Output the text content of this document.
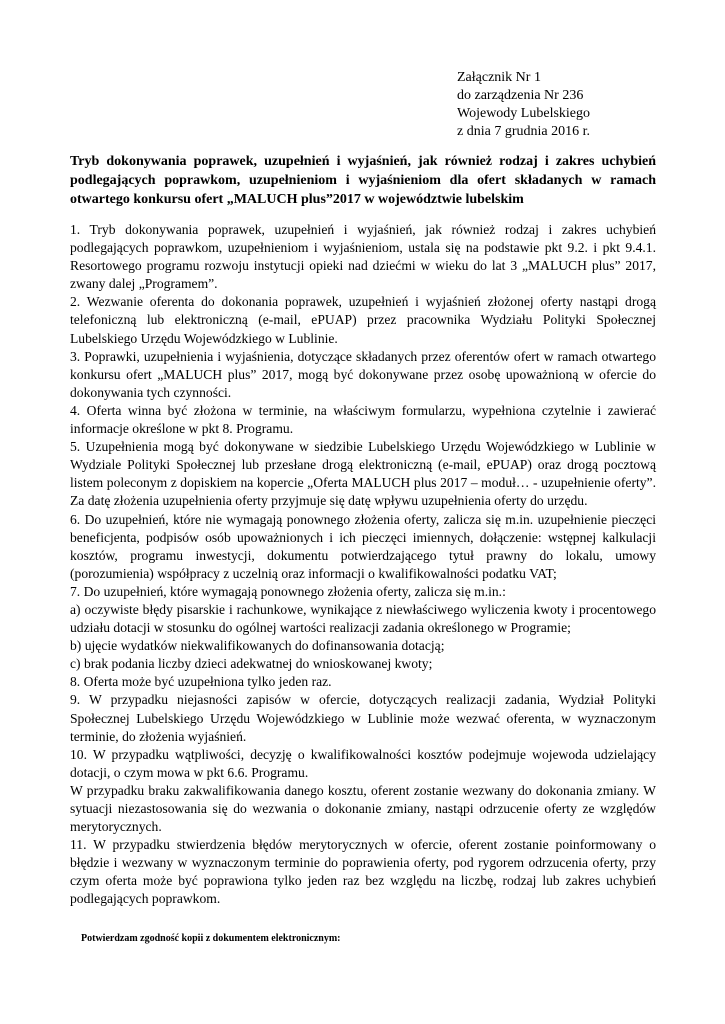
Załącznik Nr 1
do zarządzenia Nr 236
Wojewody Lubelskiego
z dnia 7 grudnia 2016 r.
Tryb dokonywania poprawek, uzupełnień i wyjaśnień, jak również rodzaj i zakres uchybień podlegających poprawkom, uzupełnieniom i wyjaśnieniom dla ofert składanych w ramach otwartego konkursu ofert „MALUCH plus”2017 w województwie lubelskim

1. Tryb dokonywania poprawek, uzupełnień i wyjaśnień, jak również rodzaj i zakres uchybień podlegających poprawkom, uzupełnieniom i wyjaśnieniom, ustala się na podstawie pkt 9.2. i pkt 9.4.1. Resortowego programu rozwoju instytucji opieki nad dziećmi w wieku do lat 3 „MALUCH plus” 2017, zwany dalej „Programem”.

2. Wezwanie oferenta do dokonania poprawek, uzupełnień i wyjaśnień złożonej oferty nastąpi drogą telefoniczną lub elektroniczną (e-mail, ePUAP) przez pracownika Wydziału Polityki Społecznej Lubelskiego Urzędu Wojewódzkiego w Lublinie.

3. Poprawki, uzupełnienia i wyjaśnienia, dotyczące składanych przez oferentów ofert w ramach otwartego konkursu ofert „MALUCH plus” 2017, mogą być dokonywane przez osobę upoważnioną w ofercie do dokonywania tych czynności.

4. Oferta winna być złożona w terminie, na właściwym formularzu, wypełniona czytelnie i zawierać informacje określone w pkt 8. Programu.

5. Uzupełnienia mogą być dokonywane w siedzibie Lubelskiego Urzędu Wojewódzkiego w Lublinie w Wydziale Polityki Społecznej lub przesłane drogą elektroniczną (e-mail, ePUAP) oraz drogą pocztową listem poleconym z dopiskiem na kopercie „Oferta MALUCH plus 2017 – moduł… - uzupełnienie oferty”. Za datę złożenia uzupełnienia oferty przyjmuje się datę wpływu uzupełnienia oferty do urzędu.

6. Do uzupełnień, które nie wymagają ponownego złożenia oferty, zalicza się m.in. uzupełnienie pieczęci beneficjenta, podpisów osób upoważnionych i ich pieczęci imiennych, dołączenie: wstępnej kalkulacji kosztów, programu inwestycji, dokumentu potwierdzającego tytuł prawny do lokalu, umowy (porozumienia) współpracy z uczelnią oraz informacji o kwalifikowalności podatku VAT;

7. Do uzupełnień, które wymagają ponownego złożenia oferty, zalicza się m.in.:

a) oczywiste błędy pisarskie i rachunkowe, wynikające z niewłaściwego wyliczenia kwoty i procentowego udziału dotacji w stosunku do ogólnej wartości realizacji zadania określonego w Programie;

b) ujęcie wydatków niekwalifikowanych do dofinansowania dotacją;

c) brak podania liczby dzieci adekwatnej do wnioskowanej kwoty;

8. Oferta może być uzupełniona tylko jeden raz.

9. W przypadku niejasności zapisów w ofercie, dotyczących realizacji zadania, Wydział Polityki Społecznej Lubelskiego Urzędu Wojewódzkiego w Lublinie może wezwać oferenta, w wyznaczonym terminie, do złożenia wyjaśnień.

10. W przypadku wątpliwości, decyzję o kwalifikowalności kosztów podejmuje wojewoda udzielający dotacji, o czym mowa w pkt 6.6. Programu.

W przypadku braku zakwalifikowania danego kosztu, oferent zostanie wezwany do dokonania zmiany. W sytuacji niezastosowania się do wezwania o dokonanie zmiany, nastąpi odrzucenie oferty ze względów merytorycznych.

11. W przypadku stwierdzenia błędów merytorycznych w ofercie, oferent zostanie poinformowany o błędzie i wezwany w wyznaczonym terminie do poprawienia oferty, pod rygorem odrzucenia oferty, przy czym oferta może być poprawiona tylko jeden raz bez względu na liczbę, rodzaj lub zakres uchybień podlegających poprawkom.

Potwierdzam zgodność kopii z dokumentem elektronicznym:
